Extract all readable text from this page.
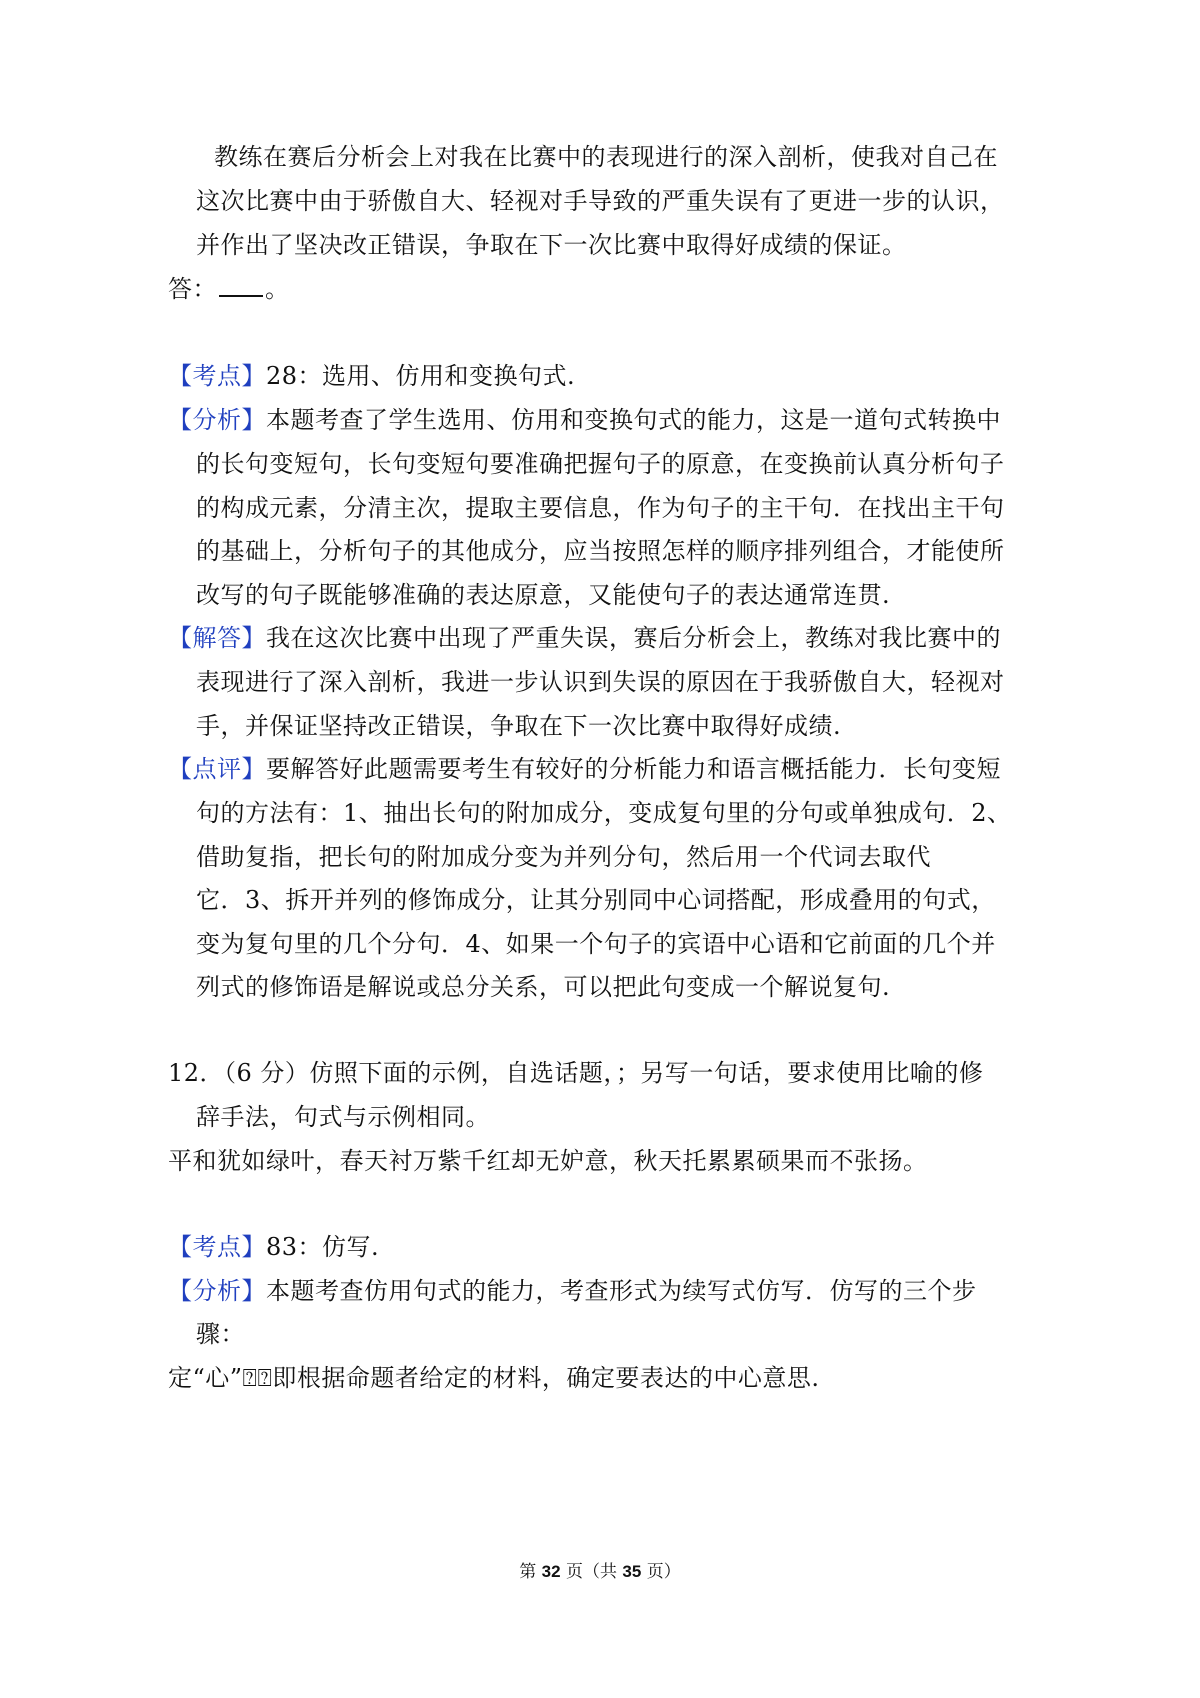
教练在赛后分析会上对我在比赛中的表现进行的深入剖析，使我对自己在
这次比赛中由于骄傲自大、轻视对手导致的严重失误有了更进一步的认识，
并作出了坚决改正错误，争取在下一次比赛中取得好成绩的保证。
答： 。
【考点】28：选用、仿用和变换句式.
【分析】本题考查了学生选用、仿用和变换句式的能力，这是一道句式转换中
的长句变短句，长句变短句要准确把握句子的原意，在变换前认真分析句子
的构成元素，分清主次，提取主要信息，作为句子的主干句．在找出主干句
的基础上，分析句子的其他成分，应当按照怎样的顺序排列组合，才能使所
改写的句子既能够准确的表达原意，又能使句子的表达通常连贯.
【解答】我在这次比赛中出现了严重失误，赛后分析会上，教练对我比赛中的
表现进行了深入剖析，我进一步认识到失误的原因在于我骄傲自大，轻视对
手，并保证坚持改正错误，争取在下一次比赛中取得好成绩.
【点评】要解答好此题需要考生有较好的分析能力和语言概括能力．长句变短
句的方法有：1、抽出长句的附加成分，变成复句里的分句或单独成句．2、
借助复指，把长句的附加成分变为并列分句，然后用一个代词去取代
它．3、拆开并列的修饰成分，让其分别同中心词搭配，形成叠用的句式，
变为复句里的几个分句．4、如果一个句子的宾语中心语和它前面的几个并
列式的修饰语是解说或总分关系，可以把此句变成一个解说复句.
12．（6 分）仿照下面的示例，自选话题，；另写一句话，要求使用比喻的修
辞手法，句式与示例相同。
平和犹如绿叶，春天衬万紫千红却无妒意，秋天托累累硕果而不张扬。
【考点】83：仿写.
【分析】本题考查仿用句式的能力，考查形式为续写式仿写．仿写的三个步
骤：
定“心”⍰⍰即根据命题者给定的材料，确定要表达的中心意思.
第 32 页（共 35 页）
